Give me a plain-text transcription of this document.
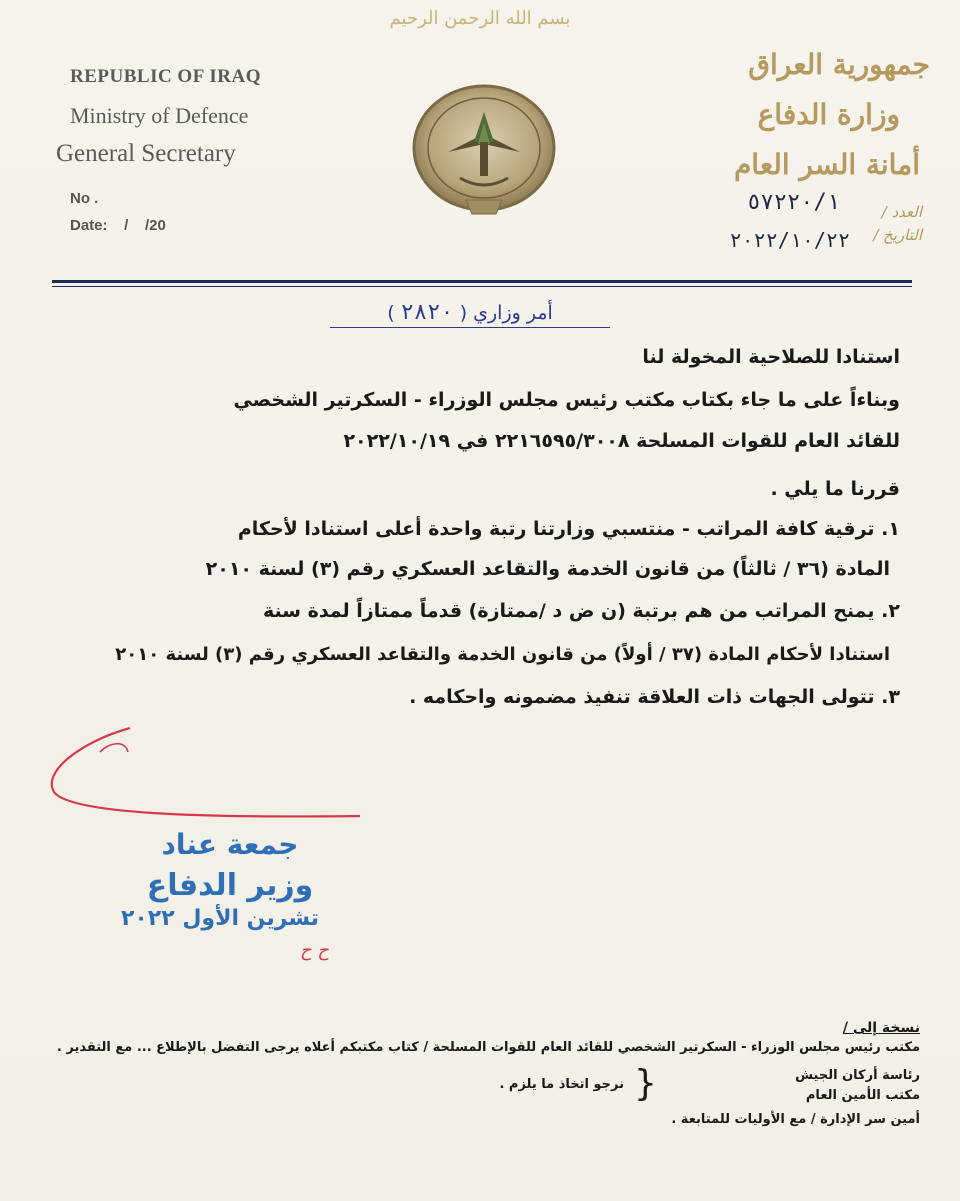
بسم الله الرحمن الرحيم
REPUBLIC OF IRAQ
Ministry of Defence
General Secretary
No .
Date:    /    /20
جمهورية العراق
وزارة الدفاع
أمانة السر العام
العدد /
التاريخ /
٥٧٢٢٠/١
٢٠٢٢/١٠/٢٢
أمر وزاري ( ٢٨٢٠ )
استنادا للصلاحية المخولة لنا
وبناءاً على ما جاء بكتاب مكتب رئيس مجلس الوزراء - السكرتير الشخصي
للقائد العام للقوات المسلحة ٢٢١٦٥٩٥/٣٠٠٨ في ٢٠٢٢/١٠/١٩
قررنا ما يلي .
١. ترقية كافة المراتب - منتسبي وزارتنا رتبة واحدة أعلى استنادا لأحكام
المادة (٣٦ / ثالثاً) من قانون الخدمة والتقاعد العسكري رقم (٣) لسنة ٢٠١٠
٢. يمنح المراتب من هم برتبة (ن ض د /ممتازة) قدماً ممتازاً لمدة سنة
استنادا لأحكام المادة (٣٧ / أولاً) من قانون الخدمة والتقاعد العسكري رقم (٣) لسنة ٢٠١٠
٣. تتولى الجهات ذات العلاقة تنفيذ مضمونه واحكامه .
جمعة عناد
وزير الدفاع
تشرين الأول ٢٠٢٢
ح ح
نسخة إلى /
مكتب رئيس مجلس الوزراء - السكرتير الشخصي للقائد العام للقوات المسلحة / كتاب مكتبكم أعلاه يرجى التفضل بالإطلاع ... مع التقدير .
رئاسة أركان الجيش
مكتب الأمين العام
}
نرجو اتخاذ ما يلزم .
أمين سر الإدارة / مع الأوليات للمتابعة .
